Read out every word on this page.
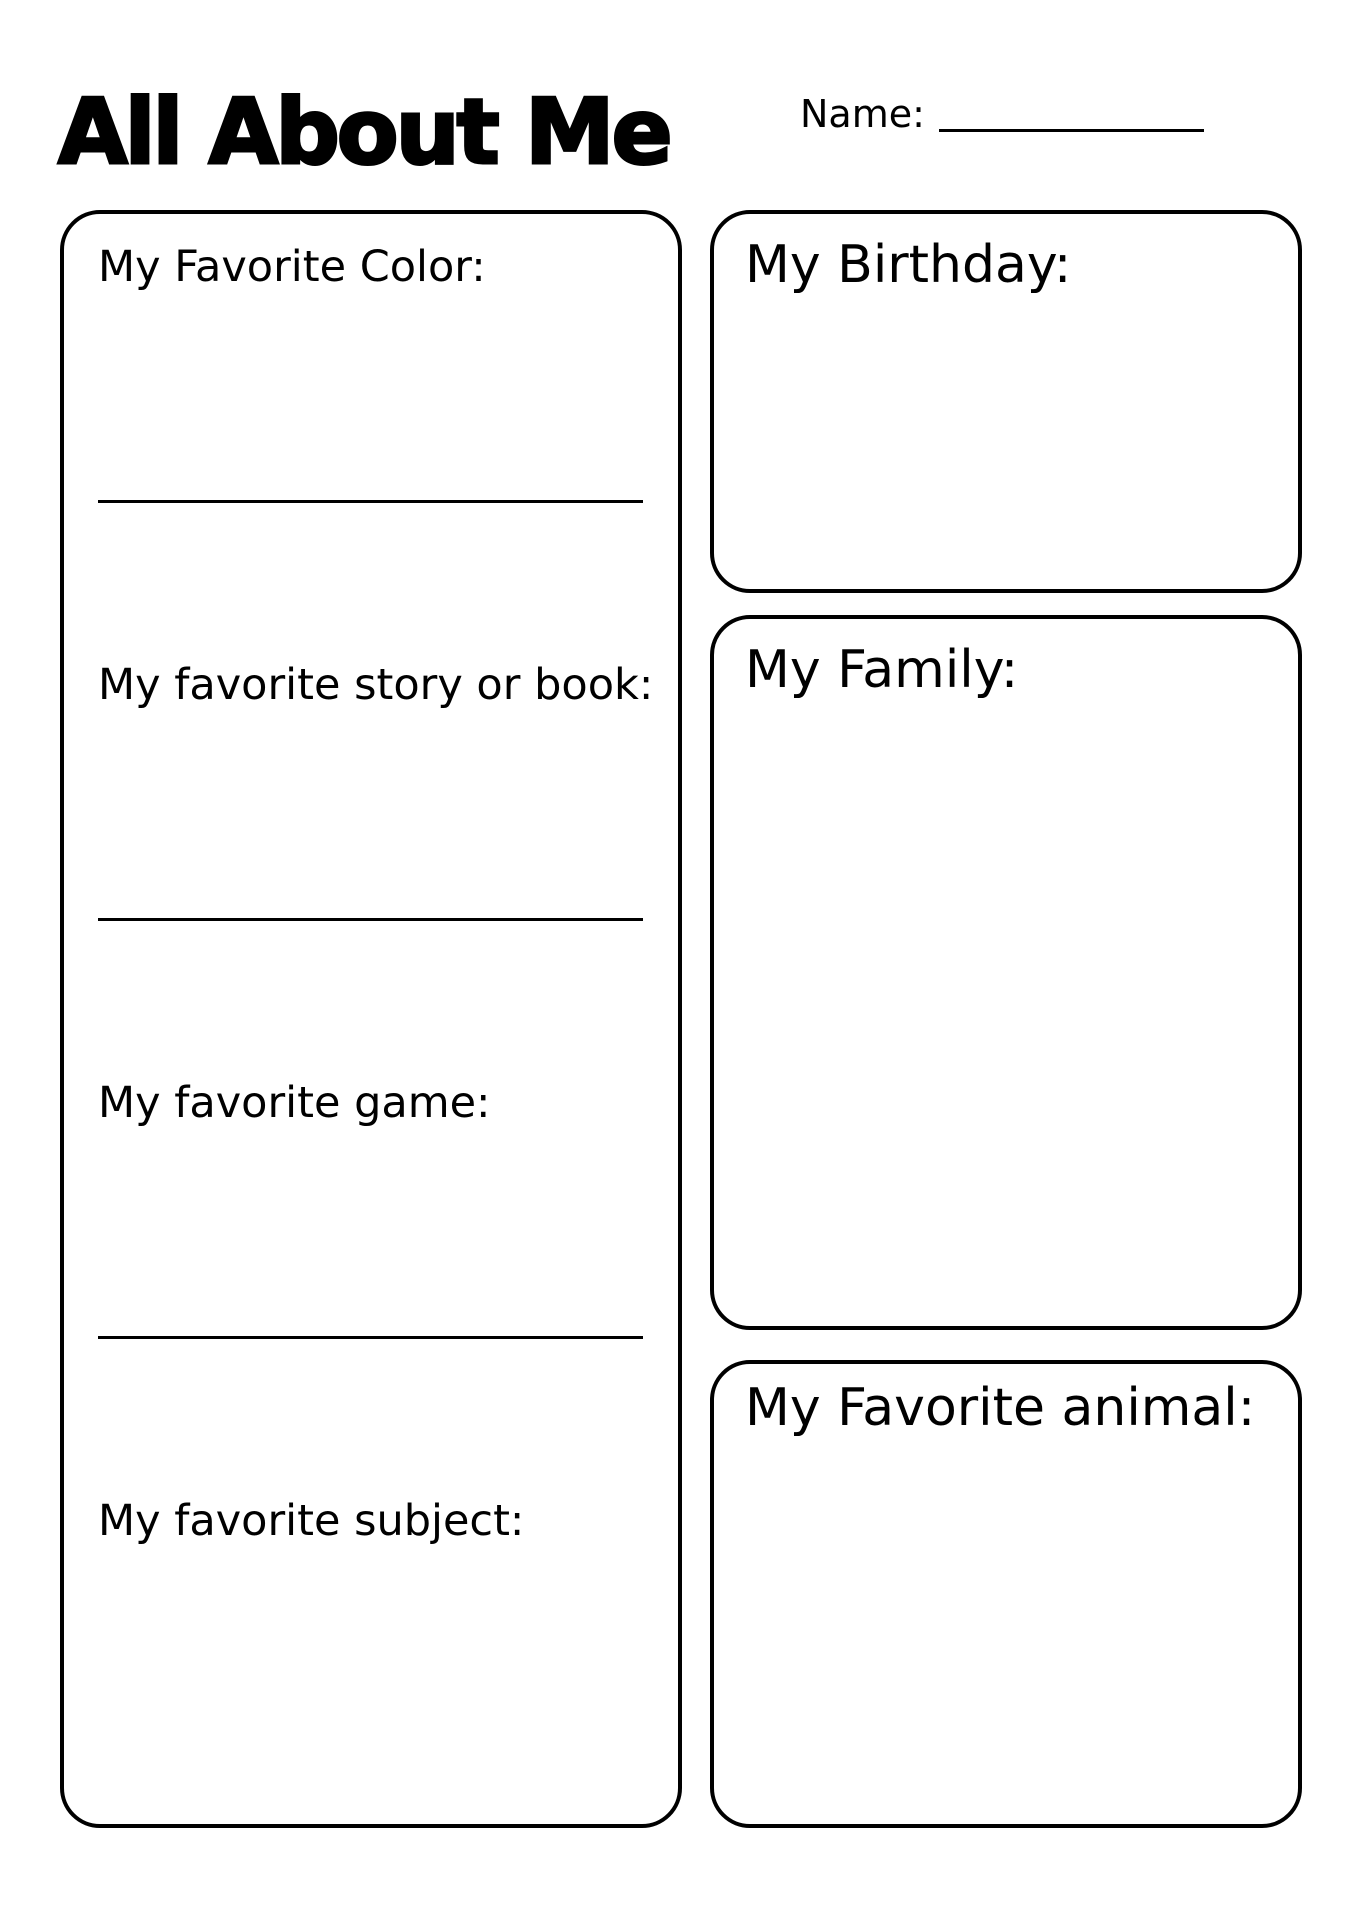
All About Me	Name:
My Favorite Color:
My favorite story or book:
My favorite game:
My favorite subject:
My Birthday:
My Family:
My Favorite animal:
